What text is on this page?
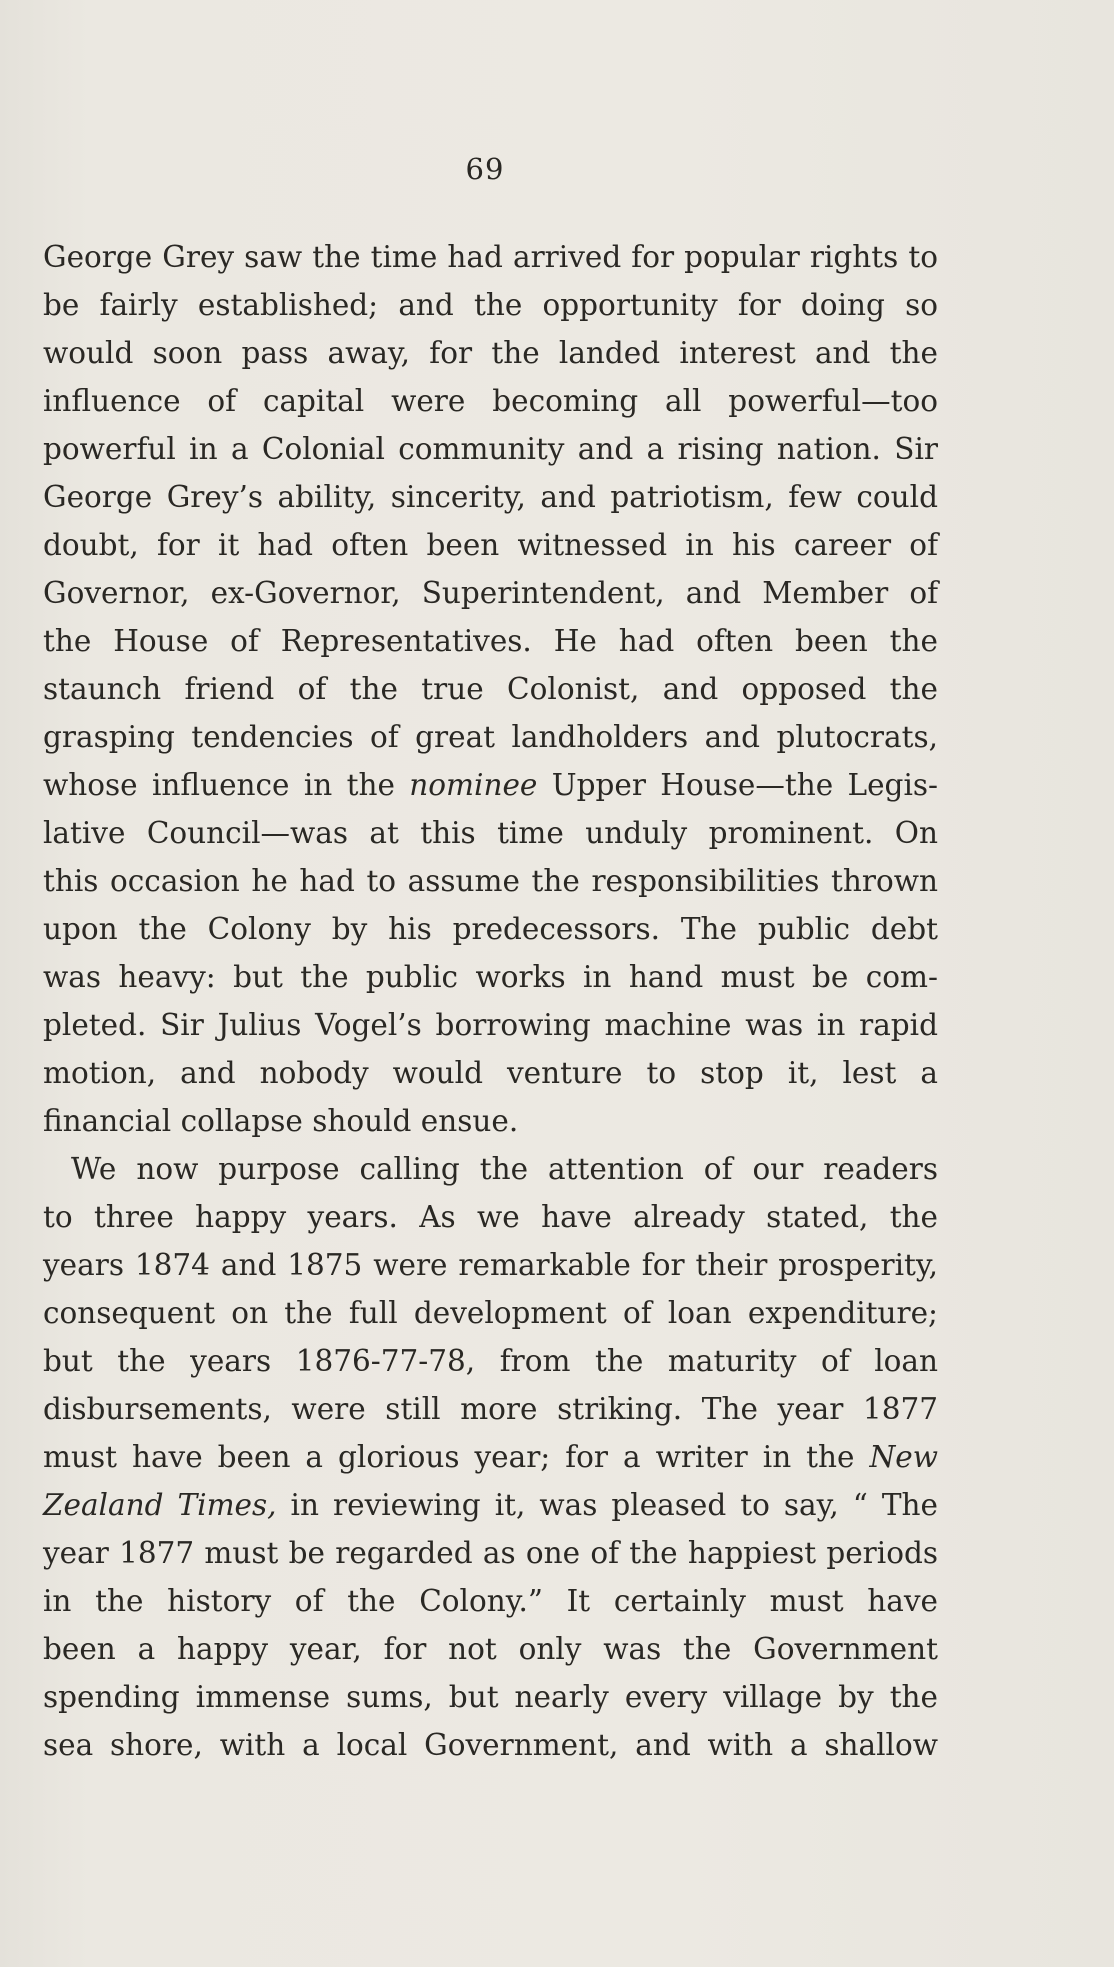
69
George Grey saw the time had arrived for popular rights to
be fairly established; and the opportunity for doing so
would soon pass away, for the landed interest and the
influence of capital were becoming all powerful—too
powerful in a Colonial community and a rising nation. Sir
George Grey’s ability, sincerity, and patriotism, few could
doubt, for it had often been witnessed in his career of
Governor, ex-Governor, Superintendent, and Member of
the House of Representatives. He had often been the
staunch friend of the true Colonist, and opposed the
grasping tendencies of great landholders and plutocrats,
whose influence in the nominee Upper House—the Legis-
lative Council—was at this time unduly prominent. On
this occasion he had to assume the responsibilities thrown
upon the Colony by his predecessors. The public debt
was heavy: but the public works in hand must be com-
pleted. Sir Julius Vogel’s borrowing machine was in rapid
motion, and nobody would venture to stop it, lest a
financial collapse should ensue.
We now purpose calling the attention of our readers
to three happy years. As we have already stated, the
years 1874 and 1875 were remarkable for their prosperity,
consequent on the full development of loan expenditure;
but the years 1876-77-78, from the maturity of loan
disbursements, were still more striking. The year 1877
must have been a glorious year; for a writer in the New
Zealand Times, in reviewing it, was pleased to say, “ The
year 1877 must be regarded as one of the happiest periods
in the history of the Colony.” It certainly must have
been a happy year, for not only was the Government
spending immense sums, but nearly every village by the
sea shore, with a local Government, and with a shallow
